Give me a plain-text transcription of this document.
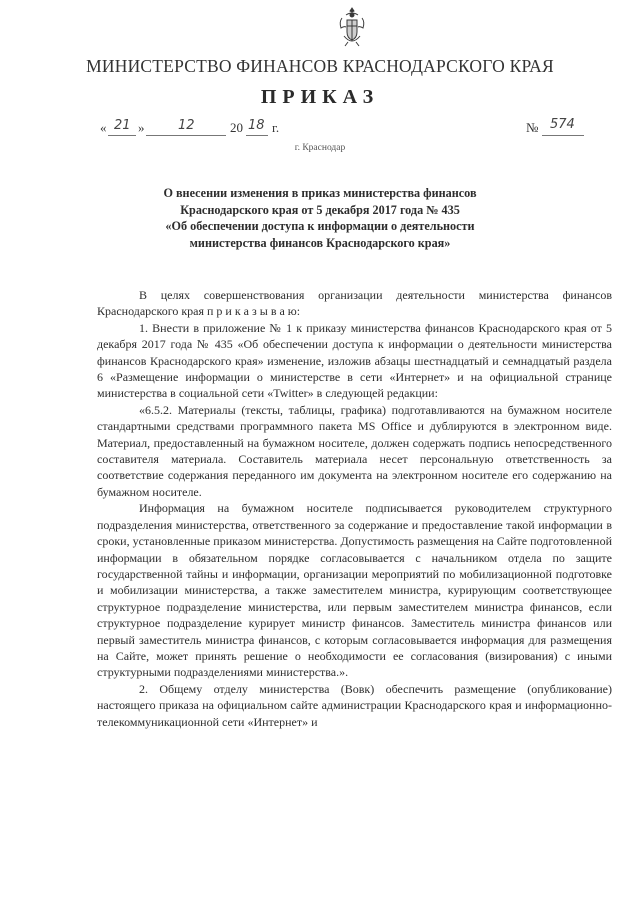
МИНИСТЕРСТВО ФИНАНСОВ КРАСНОДАРСКОГО КРАЯ
ПРИКАЗ
« 21 »	12	20 18 г.	№ 574
г. Краснодар
О внесении изменения в приказ министерства финансов
Краснодарского края от 5 декабря 2017 года № 435
«Об обеспечении доступа к информации о деятельности
министерства финансов Краснодарского края»

В целях совершенствования организации деятельности министерства финансов Краснодарского края п р и к а з ы в а ю:

1. Внести в приложение № 1 к приказу министерства финансов Краснодарского края от 5 декабря 2017 года № 435 «Об обеспечении доступа к информации о деятельности министерства финансов Краснодарского края» изменение, изложив абзацы шестнадцатый и семнадцатый раздела 6 «Размещение информации о министерстве в сети «Интернет» и на официальной странице министерства в социальной сети «Twitter» в следующей редакции:

«6.5.2. Материалы (тексты, таблицы, графика) подготавливаются на бумажном носителе стандартными средствами программного пакета MS Office и дублируются в электронном виде. Материал, предоставленный на бумажном носителе, должен содержать подпись непосредственного составителя материала. Составитель материала несет персональную ответственность за соответствие содержания переданного им документа на электронном носителе его содержанию на бумажном носителе.

Информация на бумажном носителе подписывается руководителем структурного подразделения министерства, ответственного за содержание и предоставление такой информации в сроки, установленные приказом министерства. Допустимость размещения на Сайте подготовленной информации в обязательном порядке согласовывается с начальником отдела по защите государственной тайны и информации, организации мероприятий по мобилизационной подготовке и мобилизации министерства, а также заместителем министра, курирующим соответствующее структурное подразделение министерства, или первым заместителем министра финансов, если структурное подразделение курирует министр финансов. Заместитель министра финансов или первый заместитель министра финансов, с которым согласовывается информация для размещения на Сайте, может принять решение о необходимости ее согласования (визирования) с иными структурными подразделениями министерства.».

2. Общему отделу министерства (Вовк) обеспечить размещение (опубликование) настоящего приказа на официальном сайте администрации Краснодарского края и информационно-телекоммуникационной сети «Интернет» и
